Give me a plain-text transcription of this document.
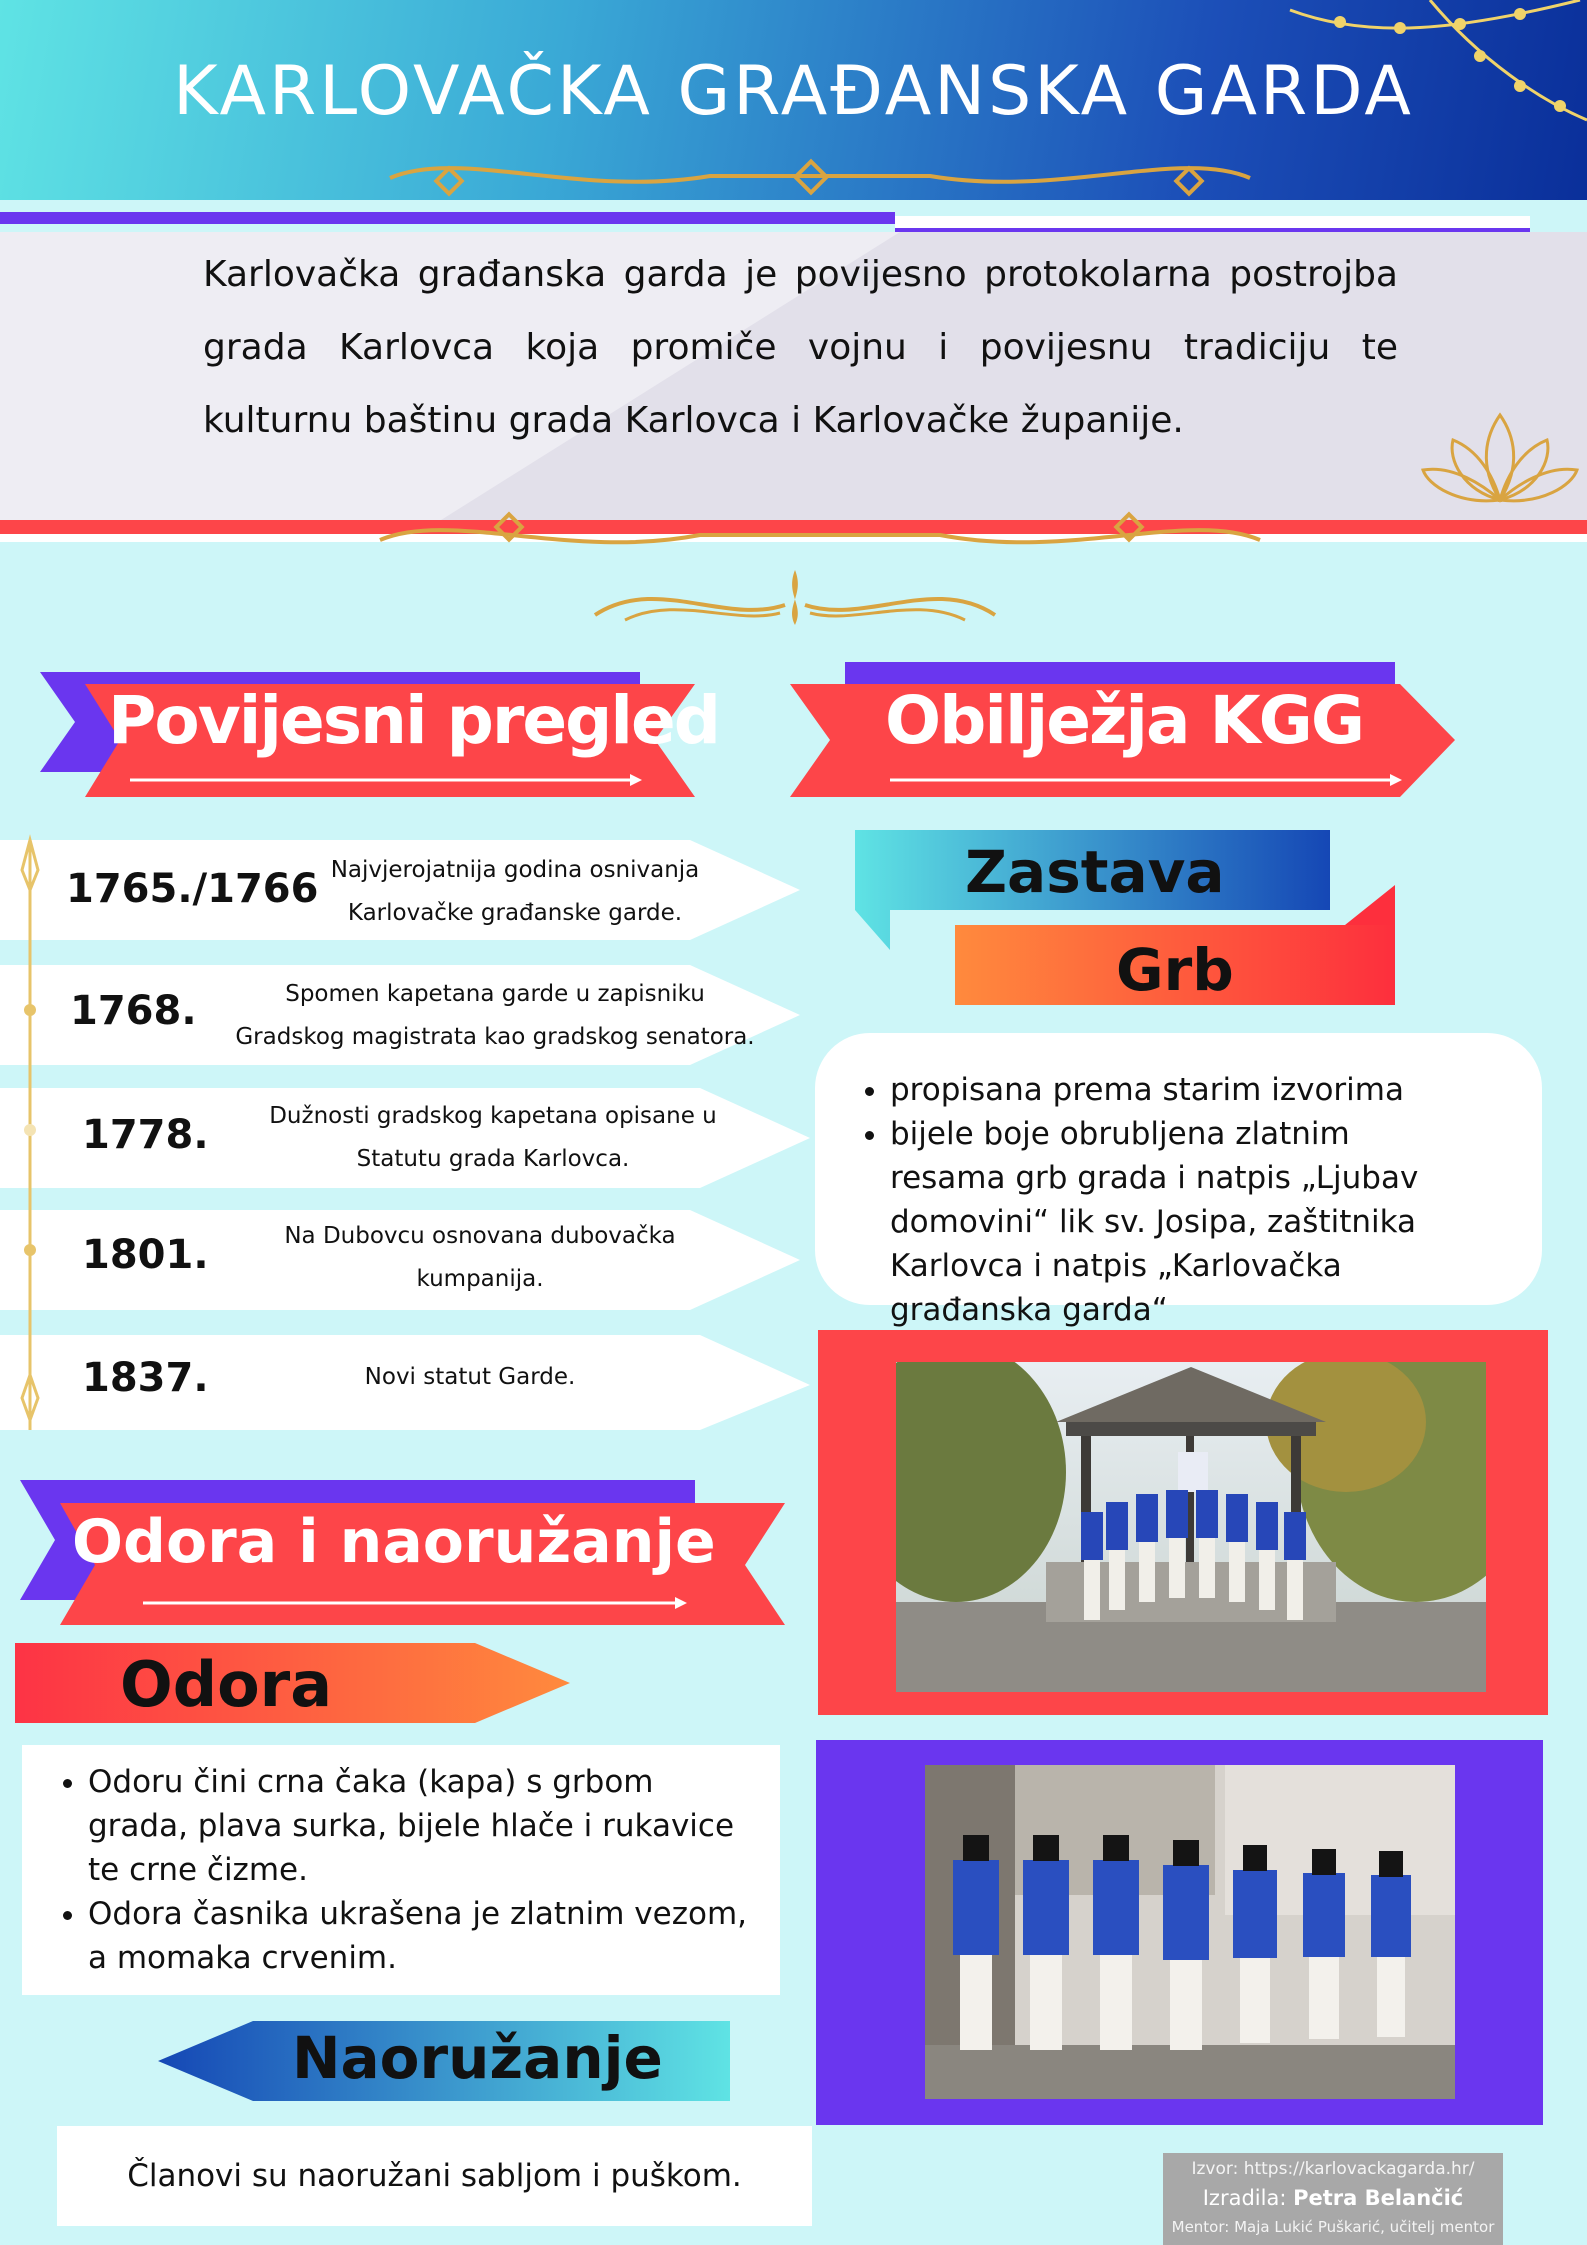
KARLOVAČKA GRAĐANSKA GARDA
Karlovačka građanska garda je povijesno protokolarna postrojba grada Karlovca koja promiče vojnu i povijesnu tradiciju te kulturnu baštinu grada Karlovca i Karlovačke županije.
Povijesni pregled	Obilježja KGG
1765./1766 Najvjerojatnija godina osnivanja Karlovačke građanske garde.
1768.	Spomen kapetana garde u zapisniku Gradskog magistrata kao gradskog senatora.
1778.	Dužnosti gradskog kapetana opisane u Statutu grada Karlovca.
1801.	Na Dubovcu osnovana dubovačka kumpanija.
1837.	Novi statut Garde.
Zastava
Grb
• propisana prema starim izvorima
• bijele boje obrubljena zlatnim resama grb grada i natpis „Ljubav domovini“ lik sv. Josipa, zaštitnika Karlovca i natpis „Karlovačka građanska garda“
Odora i naoružanje
Odora
• Odoru čini crna čaka (kapa) s grbom grada, plava surka, bijele hlače i rukavice te crne čizme.
• Odora časnika ukrašena je zlatnim vezom, a momaka crvenim.
Naoružanje
Članovi su naoružani sabljom i puškom.	Izvor: https://karlovackagarda.hr/
Izradila: Petra Belančić
Mentor: Maja Lukić Puškarić, učitelj mentor
